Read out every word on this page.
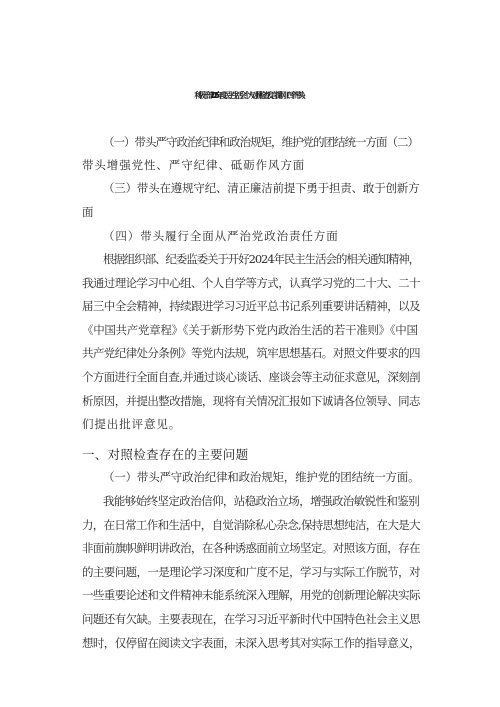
科级干部2025年度民主生活会个人对照检查发言提纲（四个带头）
（一）带头严守政治纪律和政治规矩，维护党的团结统一方面（二）
带头增强党性、严守纪律、砥砺作风方面
（三）带头在遵规守纪、清正廉洁前提下勇于担责、敢于创新方
面
（四）带头履行全面从严治党政治责任方面
根据组织部、纪委监委关于开好2024年民主生活会的相关通知精神，
我通过理论学习中心组、个人自学等方式，认真学习党的二十大、二十
届三中全会精神，持续跟进学习习近平总书记系列重要讲话精神，以及
《中国共产党章程》《关于新形势下党内政治生活的若干准则》《中国
共产党纪律处分条例》等党内法规，筑牢思想基石。对照文件要求的四
个方面进行全面自查,并通过谈心谈话、座谈会等主动征求意见，深刻剖
析原因，并提出整改措施，现将有关情况汇报如下诚请各位领导、同志
们提出批评意见。
一、对照检查存在的主要问题
（一）带头严守政治纪律和政治规矩，维护党的团结统一方面。
我能够始终坚定政治信仰，站稳政治立场，增强政治敏锐性和鉴别
力，在日常工作和生活中，自觉消除私心杂念,保持思想纯洁，在大是大
非面前旗帜鲜明讲政治，在各种诱惑面前立场坚定。对照该方面，存在
的主要问题，一是理论学习深度和广度不足，学习与实际工作脱节，对
一些重要论述和文件精神未能系统深入理解，用党的创新理论解决实际
问题还有欠缺。主要表现在，在学习习近平新时代中国特色社会主义思
想时，仅停留在阅读文字表面，未深入思考其对实际工作的指导意义，
